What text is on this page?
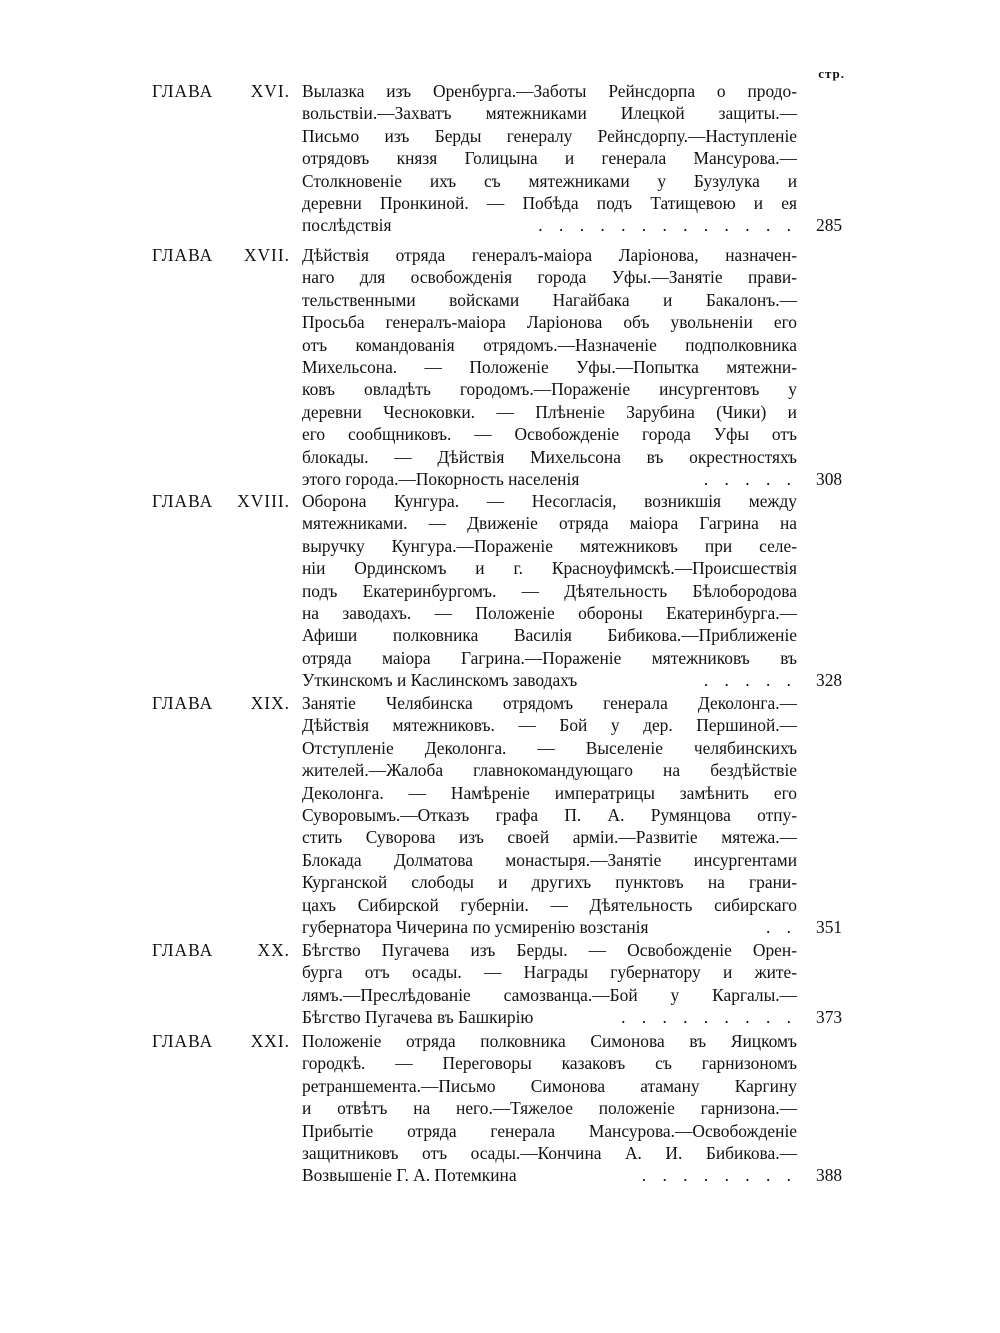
стр.
ГЛАВА XVI. Вылазка изъ Оренбурга.—Заботы Рейнсдорпа о продо-
вольствіи.—Захватъ мятежниками Илецкой защиты.—
Письмо изъ Берды генералу Рейнсдорпу.—Наступленіе
отрядовъ князя Голицына и генерала Мансурова.—
Столкновеніе ихъ съ мятежниками у Бузулука и
деревни Пронкиной. — Побѣда подъ Татищевою и ея
послѣдствія	. . . . . . . . . . . . . 285
ГЛАВА XVII. Дѣйствія отряда генералъ-маіора Ларіонова, назначен-
наго для освобожденія города Уфы.—Занятіе прави-
тельственными войсками Нагайбака и Бакалонъ.—
Просьба генералъ-маіора Ларіонова объ увольненіи его
отъ командованія отрядомъ.—Назначеніе подполковника
Михельсона. — Положеніе Уфы.—Попытка мятежни-
ковъ овладѣть городомъ.—Пораженіе инсургентовъ у
деревни Чесноковки. — Плѣненіе Зарубина (Чики) и
его сообщниковъ. — Освобожденіе города Уфы отъ
блокады. — Дѣйствія Михельсона въ окрестностяхъ
этого города.—Покорность населенія	. . . . . 308
ГЛАВА XVIII. Оборона Кунгура. — Несогласія, возникшія между
мятежниками. — Движеніе отряда маіора Гагрина на
выручку Кунгура.—Пораженіе мятежниковъ при селе-
ніи Ординскомъ и г. Красноуфимскѣ.—Происшествія
подъ Екатеринбургомъ. — Дѣятельность Бѣлобородова
на заводахъ. — Положеніе обороны Екатеринбурга.—
Афиши полковника Василія Бибикова.—Приближеніе
отряда маіора Гагрина.—Пораженіе мятежниковъ въ
Уткинскомъ и Каслинскомъ заводахъ	. . . . . 328
ГЛАВА XIX. Занятіе Челябинска отрядомъ генерала Деколонга.—
Дѣйствія мятежниковъ. — Бой у дер. Першиной.—
Отступленіе Деколонга. — Выселеніе челябинскихъ
жителей.—Жалоба главнокомандующаго на бездѣйствіе
Деколонга. — Намѣреніе императрицы замѣнить его
Суворовымъ.—Отказъ графа П. А. Румянцова отпу-
стить Суворова изъ своей арміи.—Развитіе мятежа.—
Блокада Долматова монастыря.—Занятіе инсургентами
Курганской слободы и другихъ пунктовъ на грани-
цахъ Сибирской губерніи. — Дѣятельность сибирскаго
губернатора Чичерина по усмиренію возстанія	. . 351
ГЛАВА	XX. Бѣгство Пугачева изъ Берды. — Освобожденіе Орен-
бурга отъ осады. — Награды губернатору и жите-
лямъ.—Преслѣдованіе самозванца.—Бой у Каргалы.—
Бѣгство Пугачева въ Башкирію	. . . . . . . . . 373
ГЛАВА XXI. Положеніе отряда полковника Симонова въ Яицкомъ
городкѣ. — Переговоры казаковъ съ гарнизономъ
ретраншемента.—Письмо Симонова атаману Каргину
и отвѣтъ на него.—Тяжелое положеніе гарнизона.—
Прибытіе отряда генерала Мансурова.—Освобожденіе
защитниковъ отъ осады.—Кончина А. И. Бибикова.—
Возвышеніе Г. А. Потемкина	. . . . . . . . 388
